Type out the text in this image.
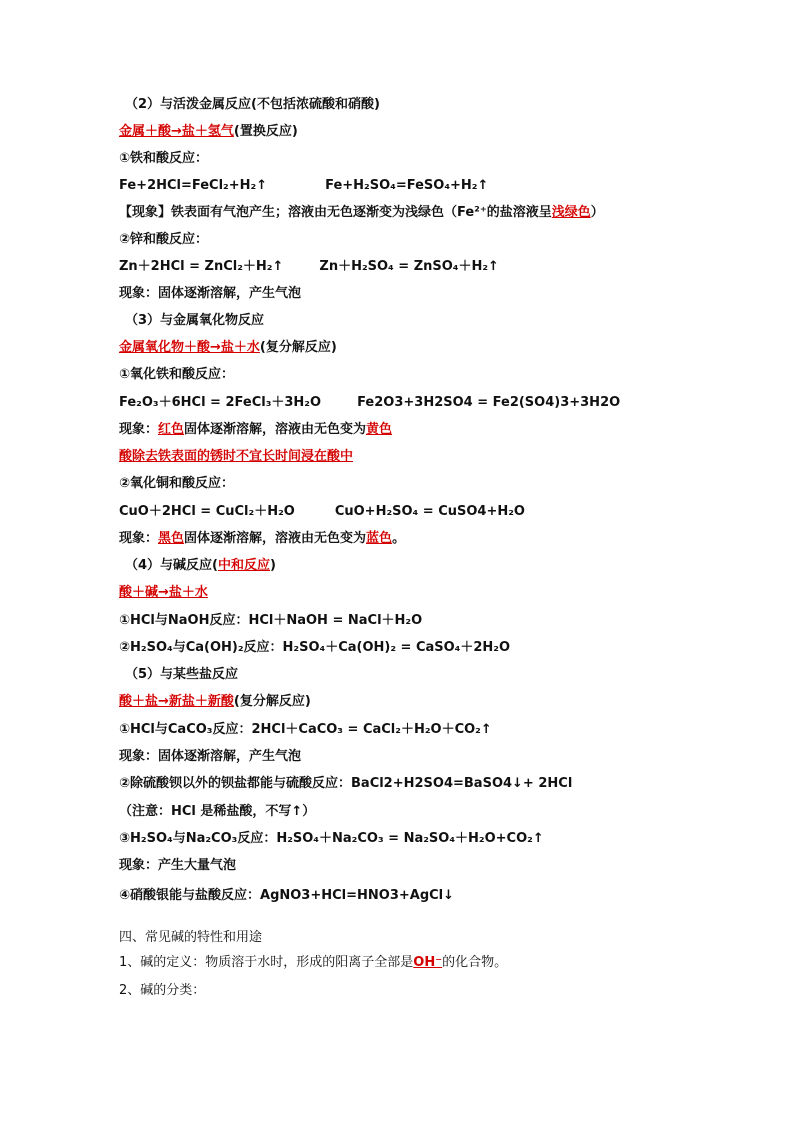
（2）与活泼金属反应(不包括浓硫酸和硝酸)
金属＋酸→盐＋氢气(置换反应)
①铁和酸反应：
Fe+2HCl=FeCl₂+H₂↑	Fe+H₂SO₄=FeSO₄+H₂↑
【现象】铁表面有气泡产生；溶液由无色逐渐变为浅绿色（Fe²⁺的盐溶液呈浅绿色）
②锌和酸反应：
Zn＋2HCl = ZnCl₂＋H₂↑	Zn＋H₂SO₄ = ZnSO₄＋H₂↑
现象：固体逐渐溶解，产生气泡
（3）与金属氧化物反应
金属氧化物＋酸→盐＋水(复分解反应)
①氧化铁和酸反应：
Fe₂O₃＋6HCl = 2FeCl₃＋3H₂O	Fe2O3+3H2SO4 = Fe2(SO4)3+3H2O
现象：红色固体逐渐溶解，溶液由无色变为黄色
酸除去铁表面的锈时不宜长时间浸在酸中
②氧化铜和酸反应：
CuO＋2HCl = CuCl₂＋H₂O	CuO+H₂SO₄ = CuSO4+H₂O
现象：黑色固体逐渐溶解，溶液由无色变为蓝色。
（4）与碱反应(中和反应)
酸＋碱→盐＋水
①HCl与NaOH反应：HCl＋NaOH = NaCl＋H₂O
②H₂SO₄与Ca(OH)₂反应：H₂SO₄＋Ca(OH)₂ = CaSO₄＋2H₂O
（5）与某些盐反应
酸＋盐→新盐＋新酸(复分解反应)
①HCl与CaCO₃反应：2HCl＋CaCO₃ = CaCl₂＋H₂O＋CO₂↑
现象：固体逐渐溶解，产生气泡
②除硫酸钡以外的钡盐都能与硫酸反应：BaCl2+H2SO4=BaSO4↓+ 2HCl
（注意：HCl 是稀盐酸，不写↑）
③H₂SO₄与Na₂CO₃反应：H₂SO₄＋Na₂CO₃ = Na₂SO₄＋H₂O+CO₂↑
现象：产生大量气泡
④硝酸银能与盐酸反应：AgNO3+HCl=HNO3+AgCl↓
四、常见碱的特性和用途
1、碱的定义：物质溶于水时，形成的阳离子全部是OH⁻的化合物。
2、碱的分类：
